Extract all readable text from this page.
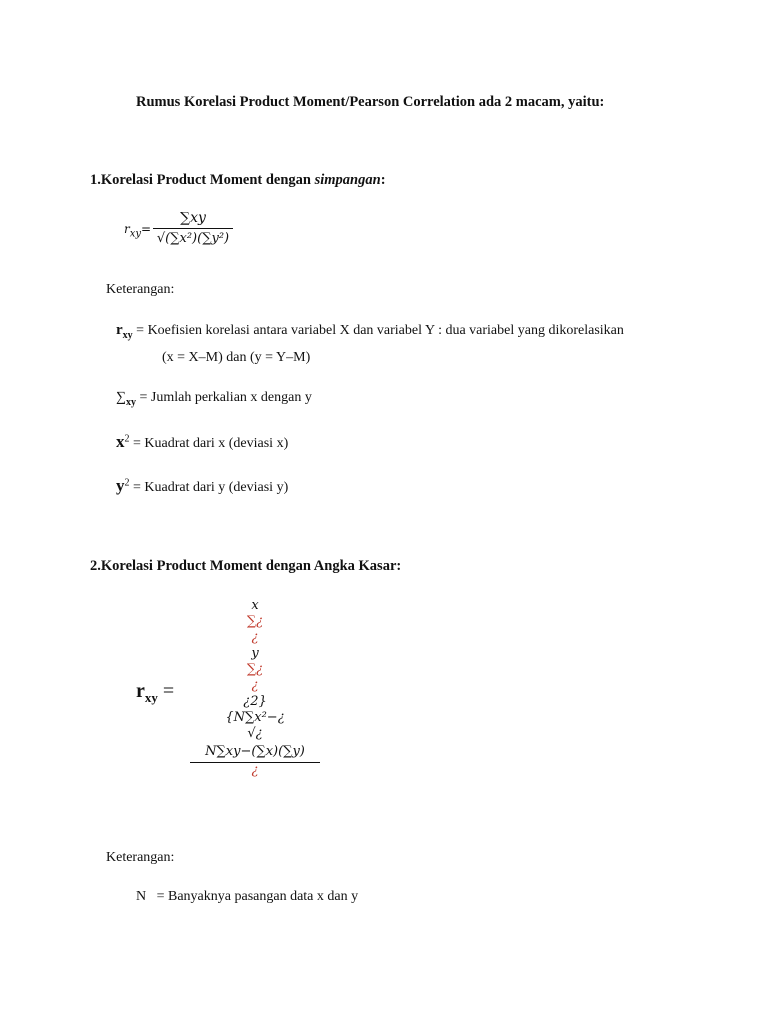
Rumus Korelasi Product Moment/Pearson Correlation ada 2 macam, yaitu:
1.Korelasi Product Moment dengan simpangan:
$r_{xy}=$
∑xy
√(∑x²)(∑y²)
Keterangan:
$r_{xy}$ = Koefisien korelasi antara variabel X dan variabel Y : dua variabel yang dikorelasikan
(x = X–M) dan (y = Y–M)
$\sum_{xy}$ = Jumlah perkalian x dengan y
$x^2$ = Kuadrat dari x (deviasi x)
$y^2$ = Kuadrat dari y (deviasi y)
2.Korelasi Product Moment dengan Angka Kasar:
$r_{xy}$ =
x
∑¿
¿
y
∑¿
¿
¿2}
{N∑x²−¿
√¿
N∑xy−(∑x)(∑y)
¿
Keterangan:
N   = Banyaknya pasangan data x dan y
